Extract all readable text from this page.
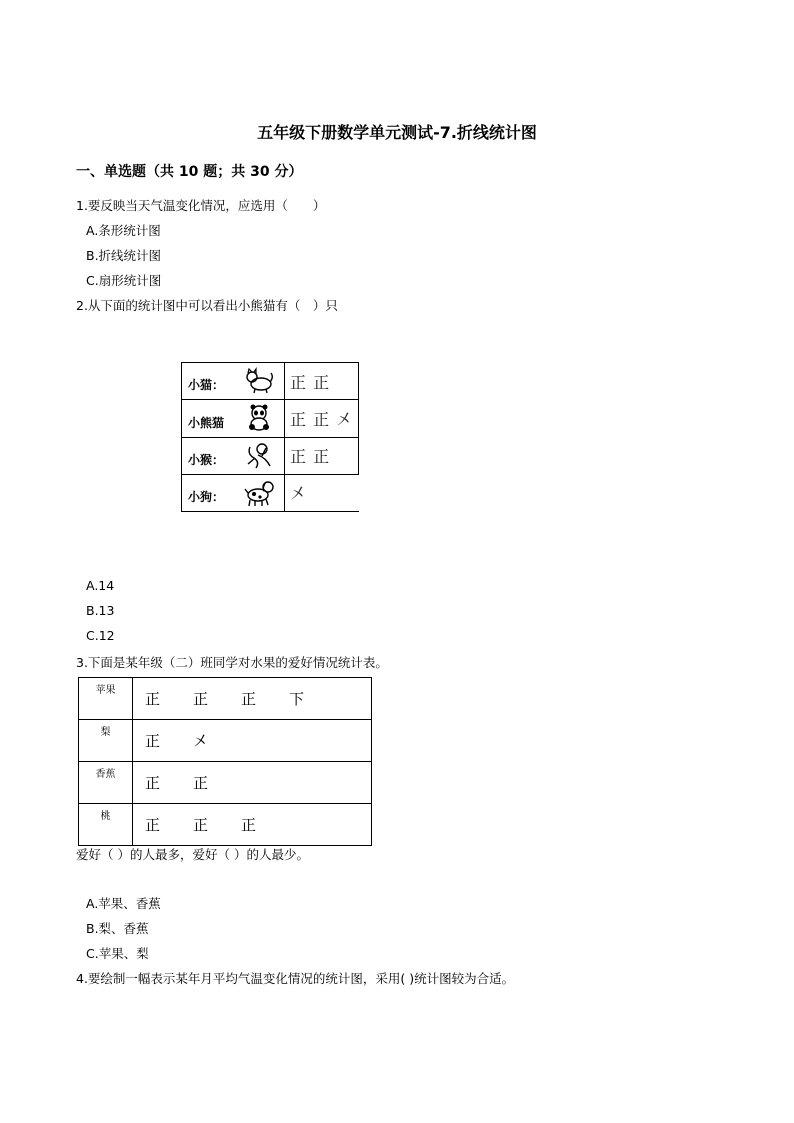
五年级下册数学单元测试-7.折线统计图
一、单选题（共 10 题；共 30 分）
1.要反映当天气温变化情况，应选用（　　）
A.条形统计图
B.折线统计图
C.扇形统计图
2.从下面的统计图中可以看出小熊猫有（　）只
小猫：	正 正

小熊猫	正 正 㐅

小猴：	正 正

小狗：	㐅
A.14
B.13
C.12
3.下面是某年级（二）班同学对水果的爱好情况统计表。
苹果	正 正 正 下
梨	正 㐅
香蕉	正 正
桃	正 正 正
爱好（ ）的人最多，爱好（ ）的人最少。
A.苹果、香蕉
B.梨、香蕉
C.苹果、梨
4.要绘制一幅表示某年月平均气温变化情况的统计图，采用( )统计图较为合适。
